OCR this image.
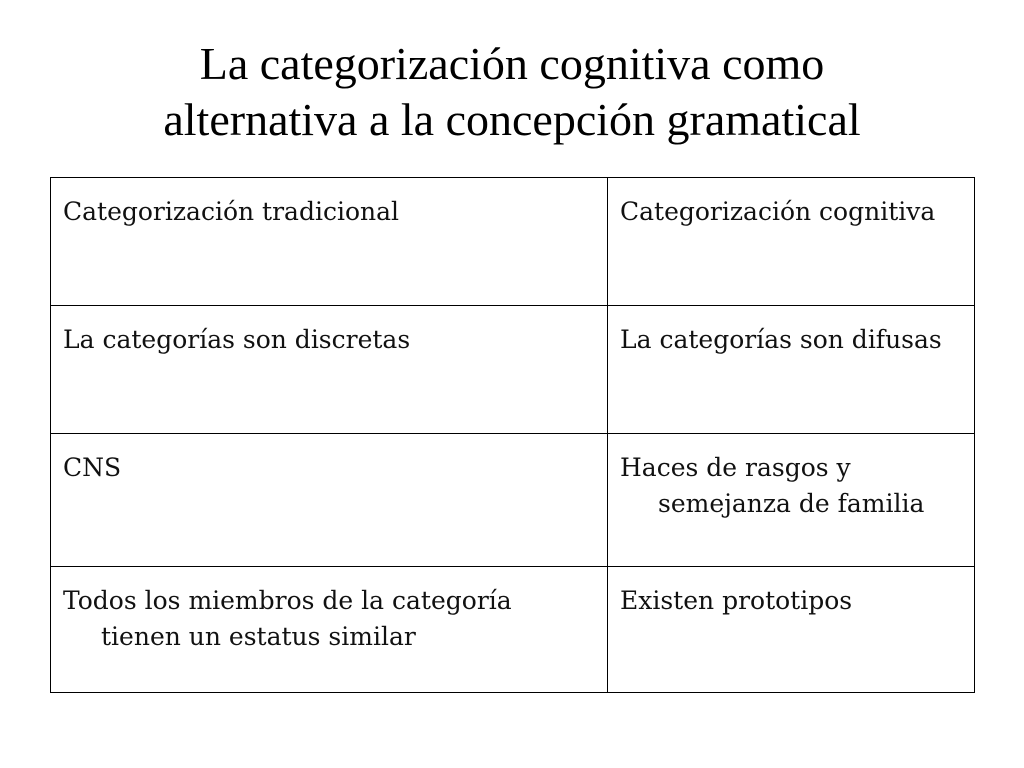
La categorización cognitiva como
alternativa a la concepción gramatical
Categorización tradicional	Categorización cognitiva

La categorías son discretas	La categorías son difusas

CNS	Haces de rasgos y semejanza de familia

Todos los miembros de la categoría tienen un estatus similar	Existen prototipos
